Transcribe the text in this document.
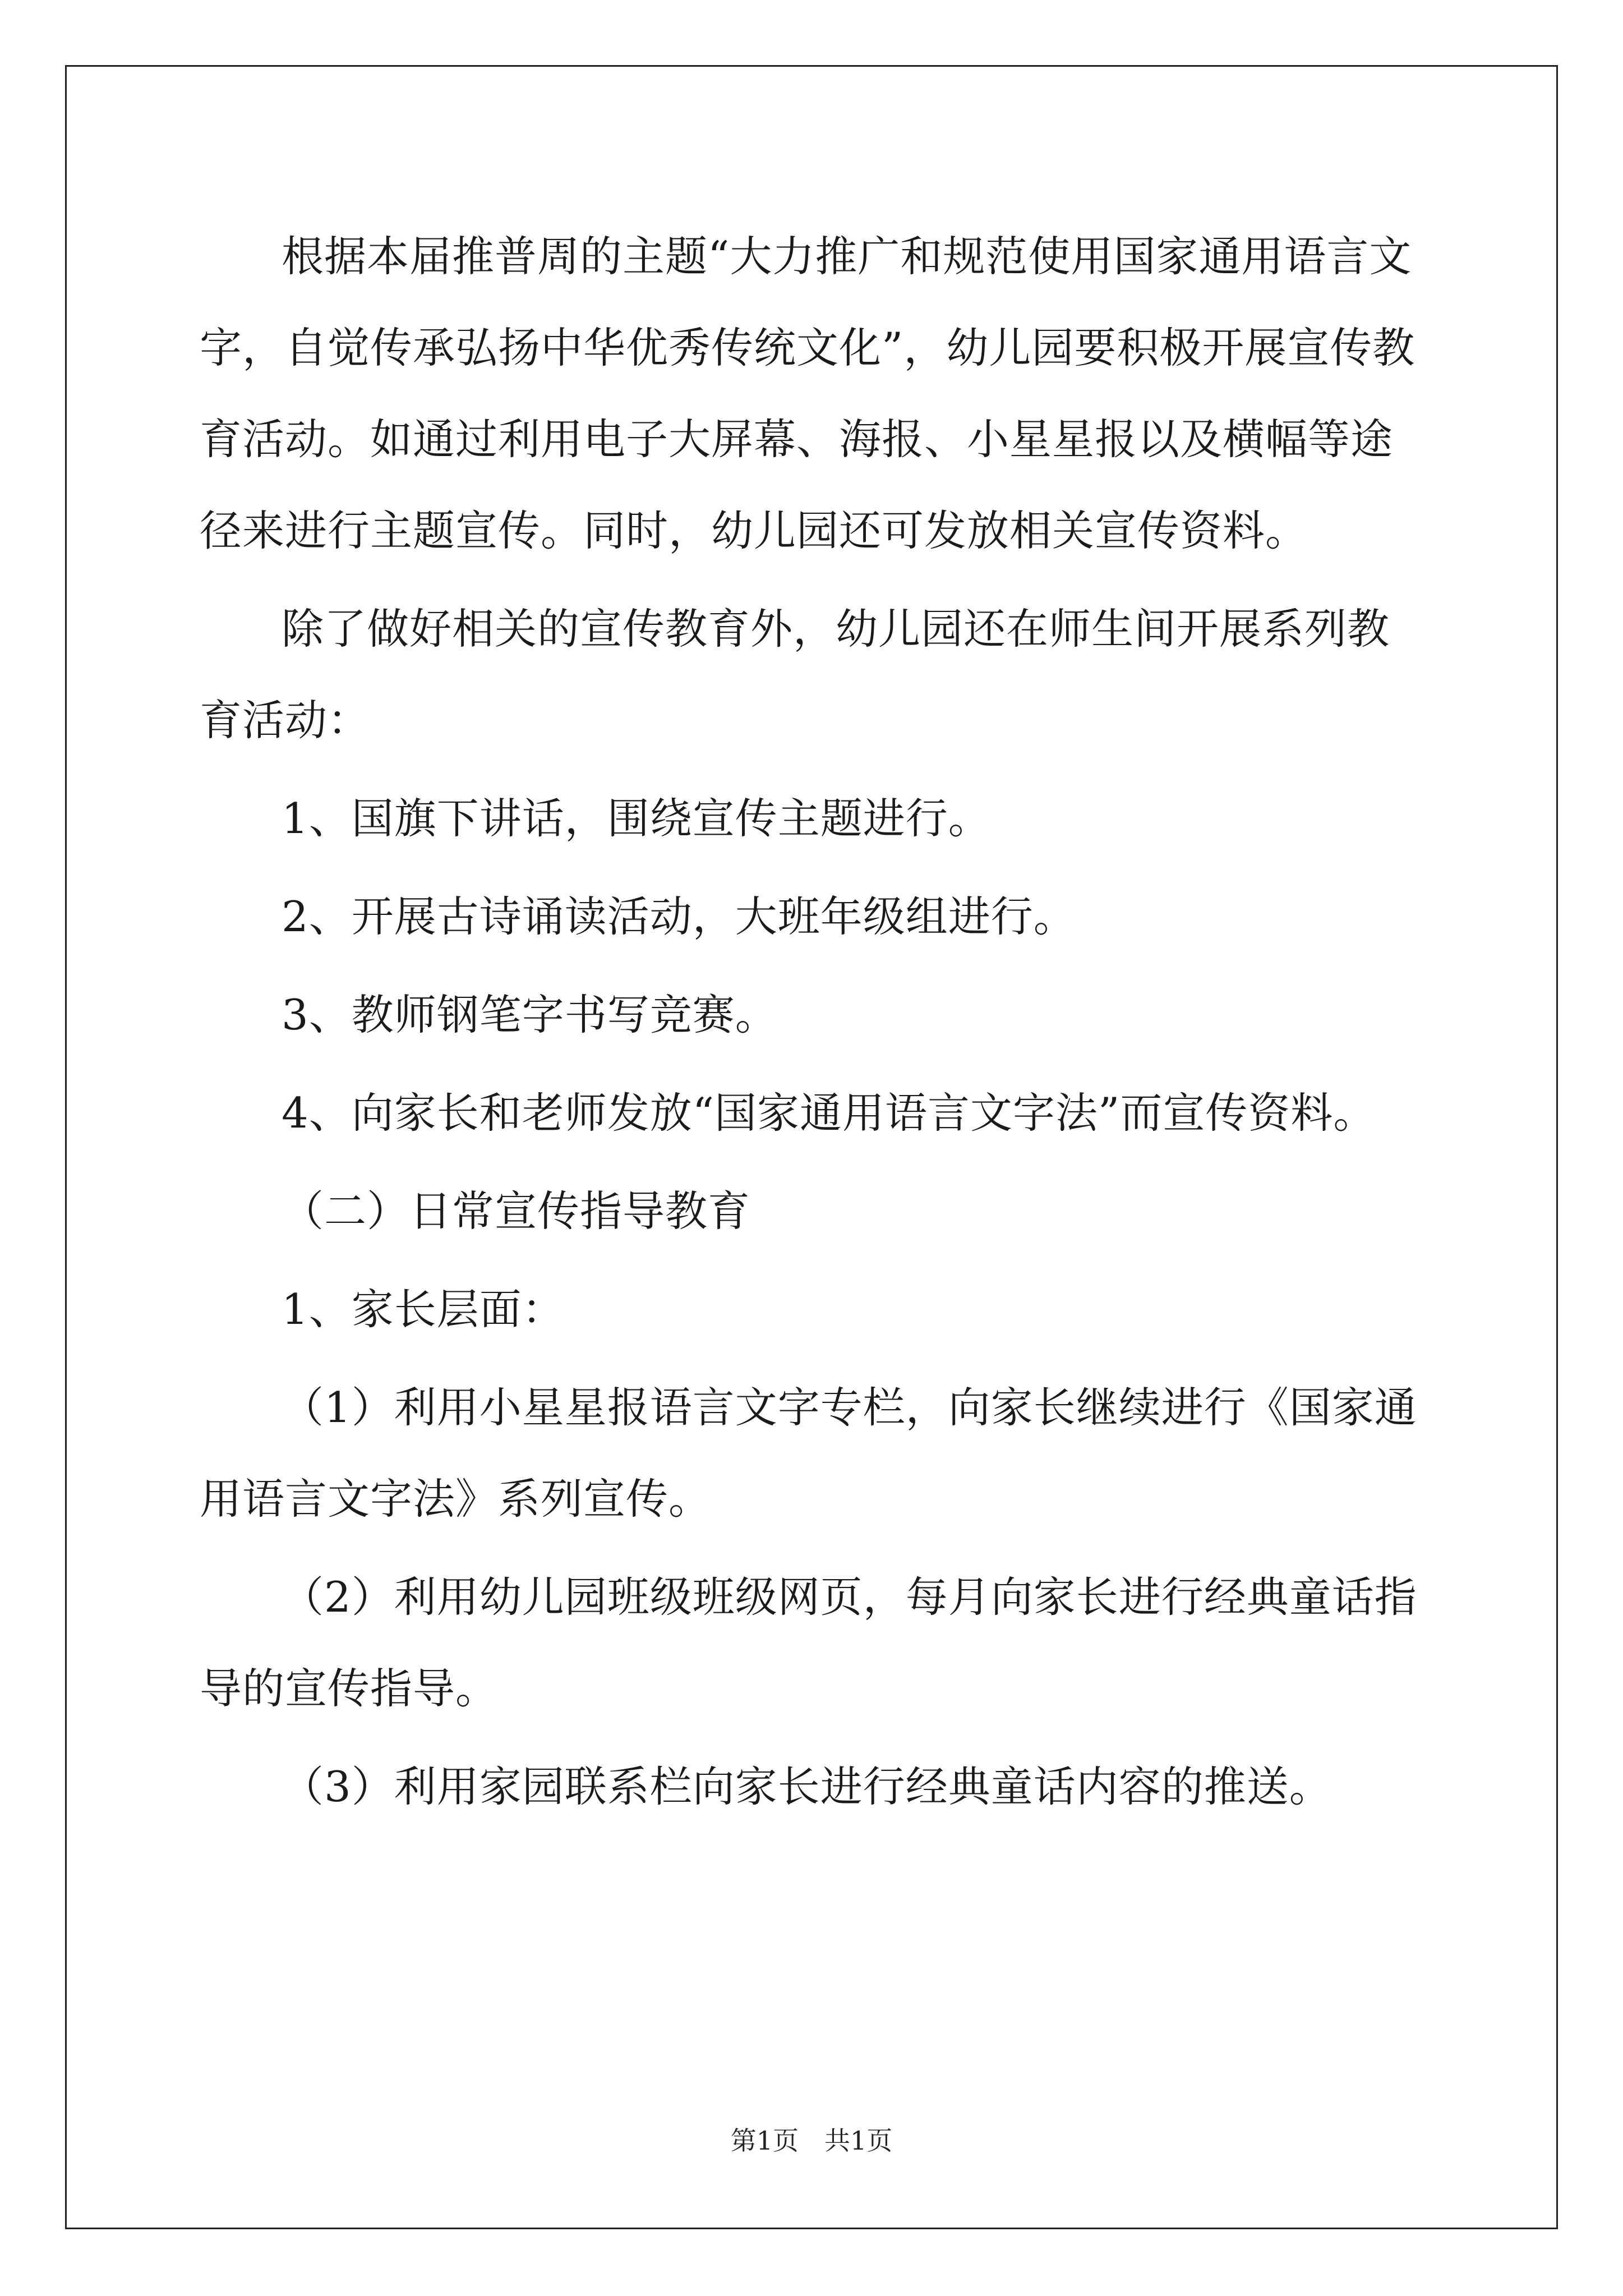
根据本届推普周的主题“大力推广和规范使用国家通用语言文字，自觉传承弘扬中华优秀传统文化”，幼儿园要积极开展宣传教育活动。如通过利用电子大屏幕、海报、小星星报以及横幅等途径来进行主题宣传。同时，幼儿园还可发放相关宣传资料。

除了做好相关的宣传教育外，幼儿园还在师生间开展系列教育活动：

1、国旗下讲话，围绕宣传主题进行。

2、开展古诗诵读活动，大班年级组进行。

3、教师钢笔字书写竞赛。

4、向家长和老师发放“国家通用语言文字法”而宣传资料。

（二）日常宣传指导教育

1、家长层面：

（1）利用小星星报语言文字专栏，向家长继续进行《国家通用语言文字法》系列宣传。

（2）利用幼儿园班级班级网页，每月向家长进行经典童话指导的宣传指导。

（3）利用家园联系栏向家长进行经典童话内容的推送。

第1页　共1页
